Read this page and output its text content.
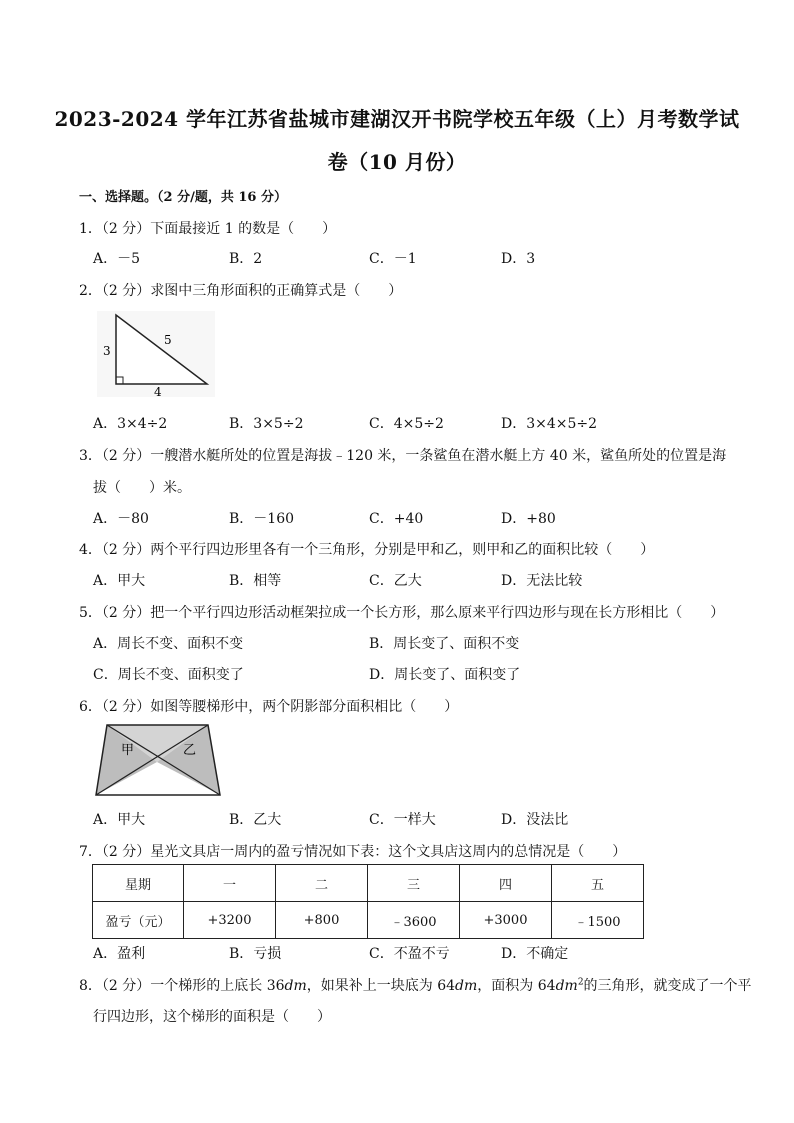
2023-2024 学年江苏省盐城市建湖汉开书院学校五年级（上）月考数学试
卷（10 月份）
一、选择题。（2 分/题，共 16 分）
1．（2 分）下面最接近 1 的数是（　　）
A．－5	B．2	C．－1	D．3
2．（2 分）求图中三角形面积的正确算式是（　　）
3
5
4
A．3×4÷2	B．3×5÷2	C．4×5÷2	D．3×4×5÷2
3．（2 分）一艘潜水艇所处的位置是海拔﹣120 米，一条鲨鱼在潜水艇上方 40 米，鲨鱼所处的位置是海
拔（　　）米。
A．－80	B．－160	C．+40	D．+80
4．（2 分）两个平行四边形里各有一个三角形，分别是甲和乙，则甲和乙的面积比较（　　）
A．甲大	B．相等	C．乙大	D．无法比较
5．（2 分）把一个平行四边形活动框架拉成一个长方形，那么原来平行四边形与现在长方形相比（　　）
A．周长不变、面积不变	B．周长变了、面积不变
C．周长不变、面积变了	D．周长变了、面积变了
6．（2 分）如图等腰梯形中，两个阴影部分面积相比（　　）
甲	乙
A．甲大	B．乙大	C．一样大	D．没法比
7．（2 分）星光文具店一周内的盈亏情况如下表：这个文具店这周内的总情况是（　　）
星期	一	二	三	四	五
盈亏（元）	+3200	+800	﹣3600	+3000	﹣1500
A．盈利	B．亏损	C．不盈不亏	D．不确定
8．（2 分）一个梯形的上底长 36dm，如果补上一块底为 64dm，面积为 $64dm^2$的三角形，就变成了一个平
行四边形，这个梯形的面积是（　　）
